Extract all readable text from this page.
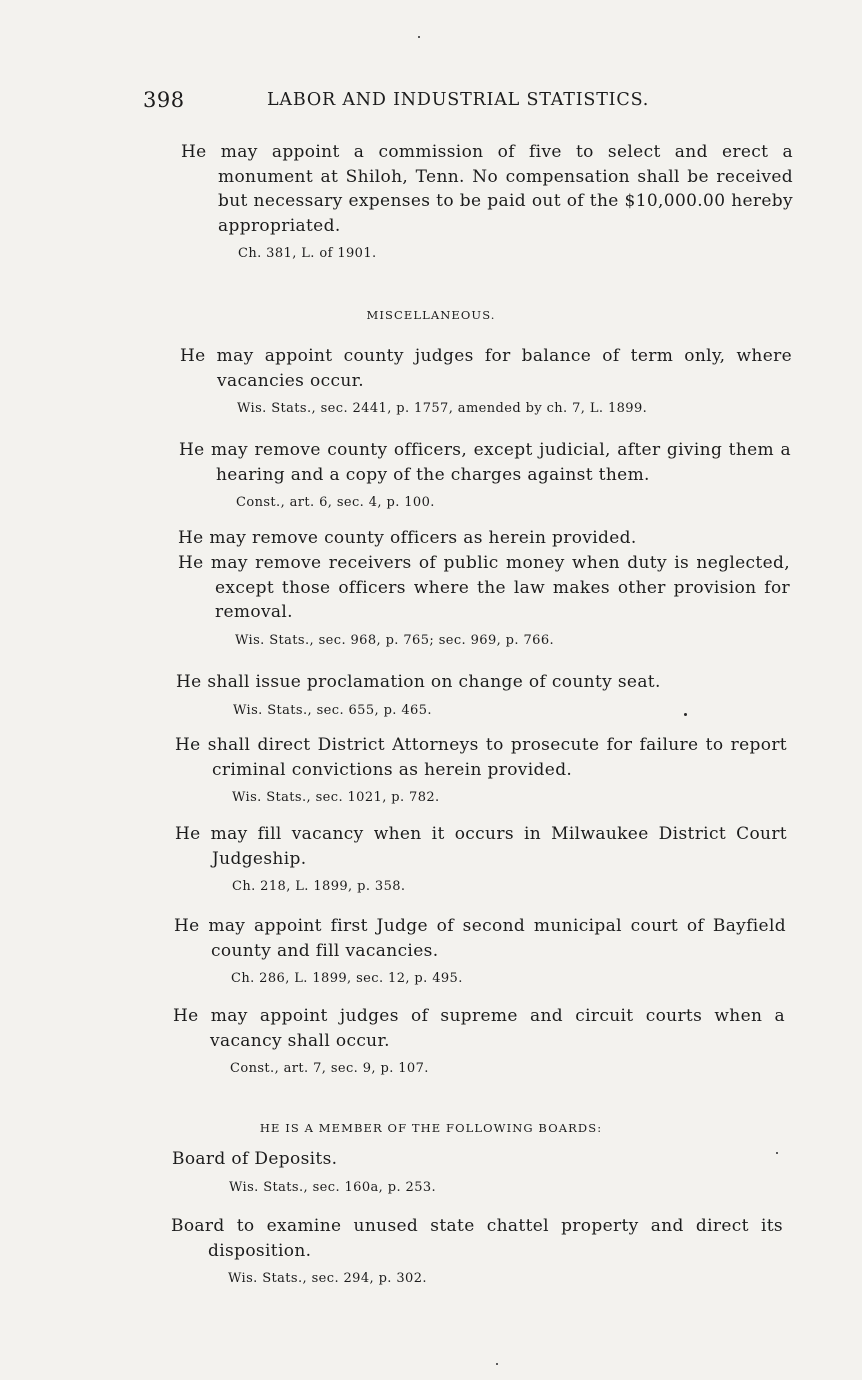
398	LABOR AND INDUSTRIAL STATISTICS.
He may appoint a commission of five to select and erect a monument at Shiloh, Tenn. No compensation shall be received but necessary expenses to be paid out of the $10,000.00 hereby appropriated.
Ch. 381, L. of 1901.
MISCELLANEOUS.
He may appoint county judges for balance of term only, where vacancies occur.
Wis. Stats., sec. 2441, p. 1757, amended by ch. 7, L. 1899.
He may remove county officers, except judicial, after giving them a hearing and a copy of the charges against them.
Const., art. 6, sec. 4, p. 100.
He may remove county officers as herein provided.
He may remove receivers of public money when duty is neglected, except those officers where the law makes other provision for removal.
Wis. Stats., sec. 968, p. 765; sec. 969, p. 766.
He shall issue proclamation on change of county seat.
Wis. Stats., sec. 655, p. 465.
He shall direct District Attorneys to prosecute for failure to report criminal convictions as herein provided.
Wis. Stats., sec. 1021, p. 782.
He may fill vacancy when it occurs in Milwaukee District Court Judgeship.
Ch. 218, L. 1899, p. 358.
He may appoint first Judge of second municipal court of Bayfield county and fill vacancies.
Ch. 286, L. 1899, sec. 12, p. 495.
He may appoint judges of supreme and circuit courts when a vacancy shall occur.
Const., art. 7, sec. 9, p. 107.
HE IS A MEMBER OF THE FOLLOWING BOARDS:
Board of Deposits.
Wis. Stats., sec. 160a, p. 253.
Board to examine unused state chattel property and direct its disposition.
Wis. Stats., sec. 294, p. 302.
